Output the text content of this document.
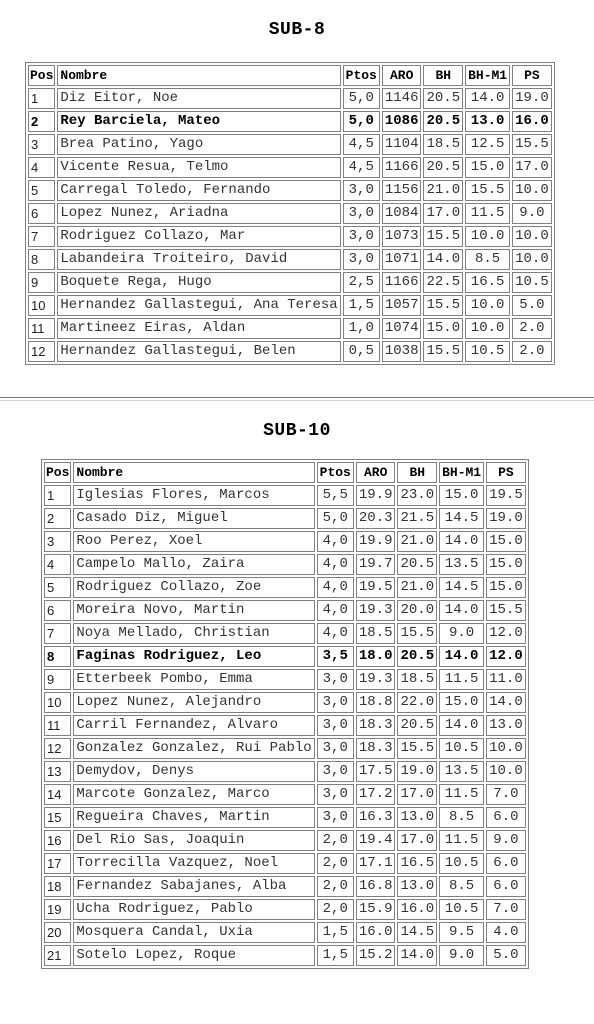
SUB-8
Pos	Nombre	Ptos	ARO	BH	BH-M1	PS
1	Diz Eitor, Noe	5,0	1146	20.5	14.0	19.0
2	Rey Barciela, Mateo	5,0	1086	20.5	13.0	16.0
3	Brea Patino, Yago	4,5	1104	18.5	12.5	15.5
4	Vicente Resua, Telmo	4,5	1166	20.5	15.0	17.0
5	Carregal Toledo, Fernando	3,0	1156	21.0	15.5	10.0
6	Lopez Nunez, Ariadna	3,0	1084	17.0	11.5	9.0
7	Rodriguez Collazo, Mar	3,0	1073	15.5	10.0	10.0
8	Labandeira Troiteiro, David	3,0	1071	14.0	8.5	10.0
9	Boquete Rega, Hugo	2,5	1166	22.5	16.5	10.5
10	Hernandez Gallastegui, Ana Teresa	1,5	1057	15.5	10.0	5.0
11	Martineez Eiras, Aldan	1,0	1074	15.0	10.0	2.0
12	Hernandez Gallastegui, Belen	0,5	1038	15.5	10.5	2.0
SUB-10
Pos	Nombre	Ptos	ARO	BH	BH-M1	PS
1	Iglesias Flores, Marcos	5,5	19.9	23.0	15.0	19.5
2	Casado Diz, Miguel	5,0	20.3	21.5	14.5	19.0
3	Roo Perez, Xoel	4,0	19.9	21.0	14.0	15.0
4	Campelo Mallo, Zaira	4,0	19.7	20.5	13.5	15.0
5	Rodriguez Collazo, Zoe	4,0	19.5	21.0	14.5	15.0
6	Moreira Novo, Martin	4,0	19.3	20.0	14.0	15.5
7	Noya Mellado, Christian	4,0	18.5	15.5	9.0	12.0
8	Faginas Rodriguez, Leo	3,5	18.0	20.5	14.0	12.0
9	Etterbeek Pombo, Emma	3,0	19.3	18.5	11.5	11.0
10	Lopez Nunez, Alejandro	3,0	18.8	22.0	15.0	14.0
11	Carril Fernandez, Alvaro	3,0	18.3	20.5	14.0	13.0
12	Gonzalez Gonzalez, Rui Pablo	3,0	18.3	15.5	10.5	10.0
13	Demydov, Denys	3,0	17.5	19.0	13.5	10.0
14	Marcote Gonzalez, Marco	3,0	17.2	17.0	11.5	7.0
15	Regueira Chaves, Martin	3,0	16.3	13.0	8.5	6.0
16	Del Rio Sas, Joaquin	2,0	19.4	17.0	11.5	9.0
17	Torrecilla Vazquez, Noel	2,0	17.1	16.5	10.5	6.0
18	Fernandez Sabajanes, Alba	2,0	16.8	13.0	8.5	6.0
19	Ucha Rodriguez, Pablo	2,0	15.9	16.0	10.5	7.0
20	Mosquera Candal, Uxia	1,5	16.0	14.5	9.5	4.0
21	Sotelo Lopez, Roque	1,5	15.2	14.0	9.0	5.0
